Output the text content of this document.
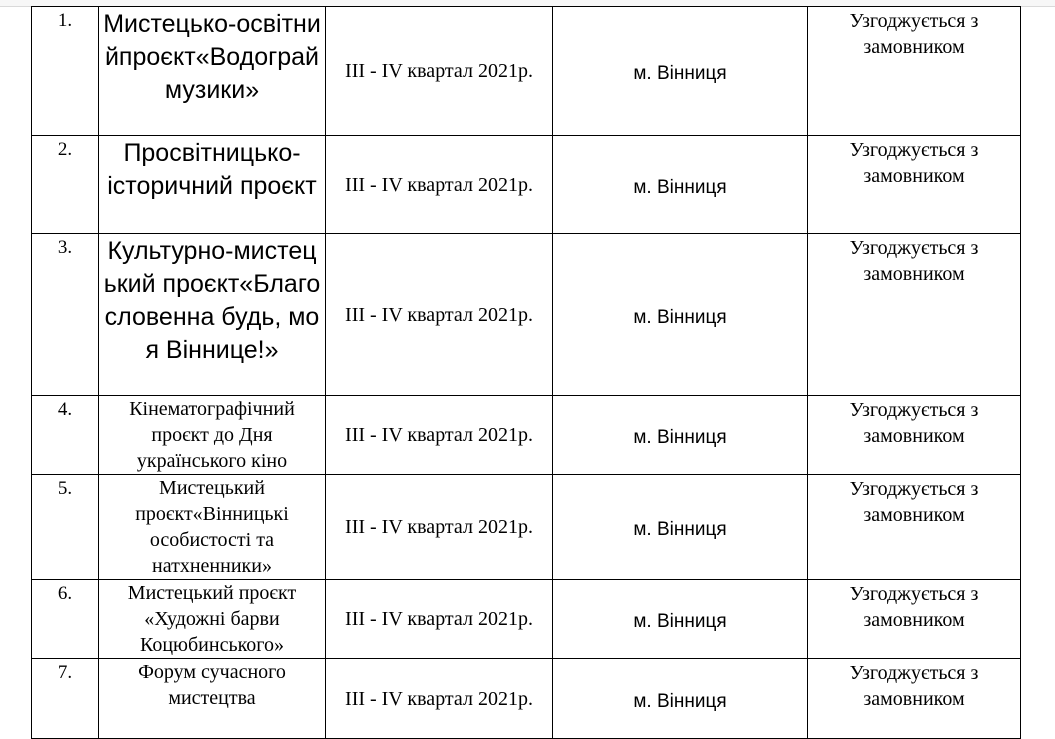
1.	Мистецько-освітнийпроєкт«Водограймузики»	ІІІ - IV квартал 2021р.	м. Вінниця	Узгоджується з замовником
2.	Просвітницько-історичний проєкт	ІІІ - IV квартал 2021р.	м. Вінниця	Узгоджується з замовником
3.	Культурно-мистецький проєкт«Благословенна будь, моя Віннице!»	ІІІ - IV квартал 2021р.	м. Вінниця	Узгоджується з замовником
4.	Кінематографічний проєкт до Дня українського кіно	ІІІ - IV квартал 2021р.	м. Вінниця	Узгоджується з замовником
5.	Мистецький проєкт«Вінницькі особистості та натхненники»	ІІІ - IV квартал 2021р.	м. Вінниця	Узгоджується з замовником
6.	Мистецький проєкт «Художні барви Коцюбинського»	ІІІ - IV квартал 2021р.	м. Вінниця	Узгоджується з замовником
7.	Форум сучасного мистецтва	ІІІ - IV квартал 2021р.	м. Вінниця	Узгоджується з замовником
